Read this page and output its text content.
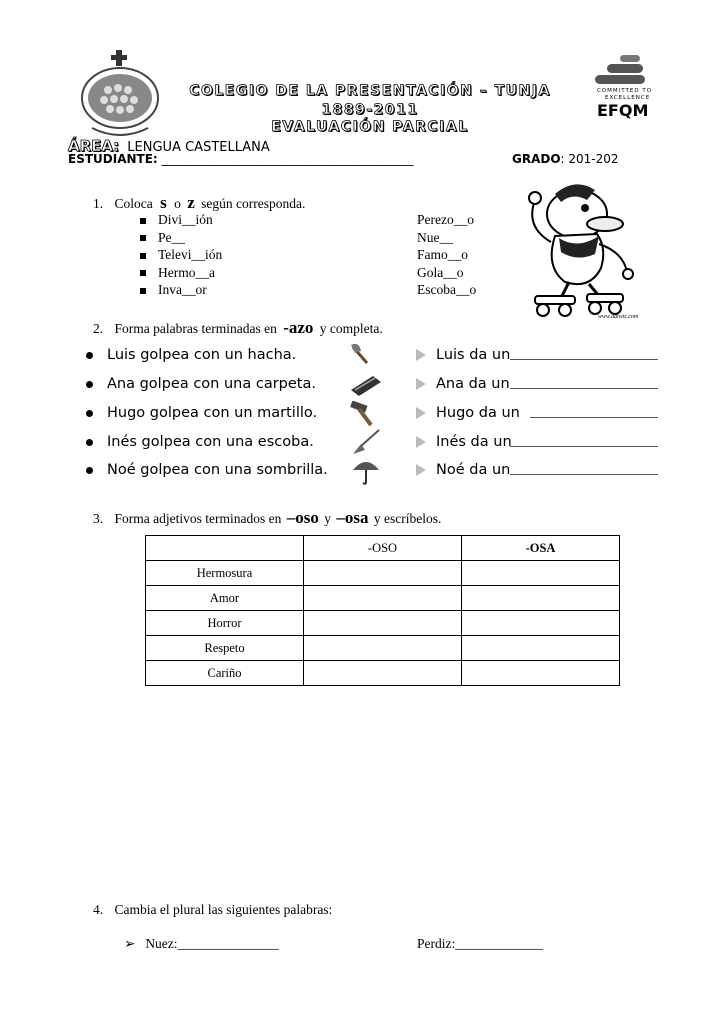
COLEGIO DE LA PRESENTACIÓN – TUNJA
1889-2011
EVALUACIÓN PARCIAL
COMMITTED TO
EXCELLENCE
EFQM
ÁREA: LENGUA CASTELLANA
ESTUDIANTE: __________________________________________	GRADO: 201-202
1. Coloca s o z según corresponda.
Divi__ión
Pe__
Televi__ión
Hermo__a
Inva__or
Perezo__o
Nue__
Famo__o
Gola__o
Escoba__o
www.adiwiz.com
2. Forma palabras terminadas en -azo y completa.
Luis golpea con un hacha.	Luis da un
Ana golpea con una carpeta.	Ana da un
Hugo golpea con un martillo.	Hugo da un
Inés golpea con una escoba.	Inés da un
Noé golpea con una sombrilla.	Noé da un
3. Forma adjetivos terminados en –oso y –osa y escríbelos.
	-OSO	-OSA
Hermosura		
Amor		
Horror		
Respeto		
Cariño		
4. Cambia el plural las siguientes palabras:
➢ Nuez:_______________	Perdiz:_____________
